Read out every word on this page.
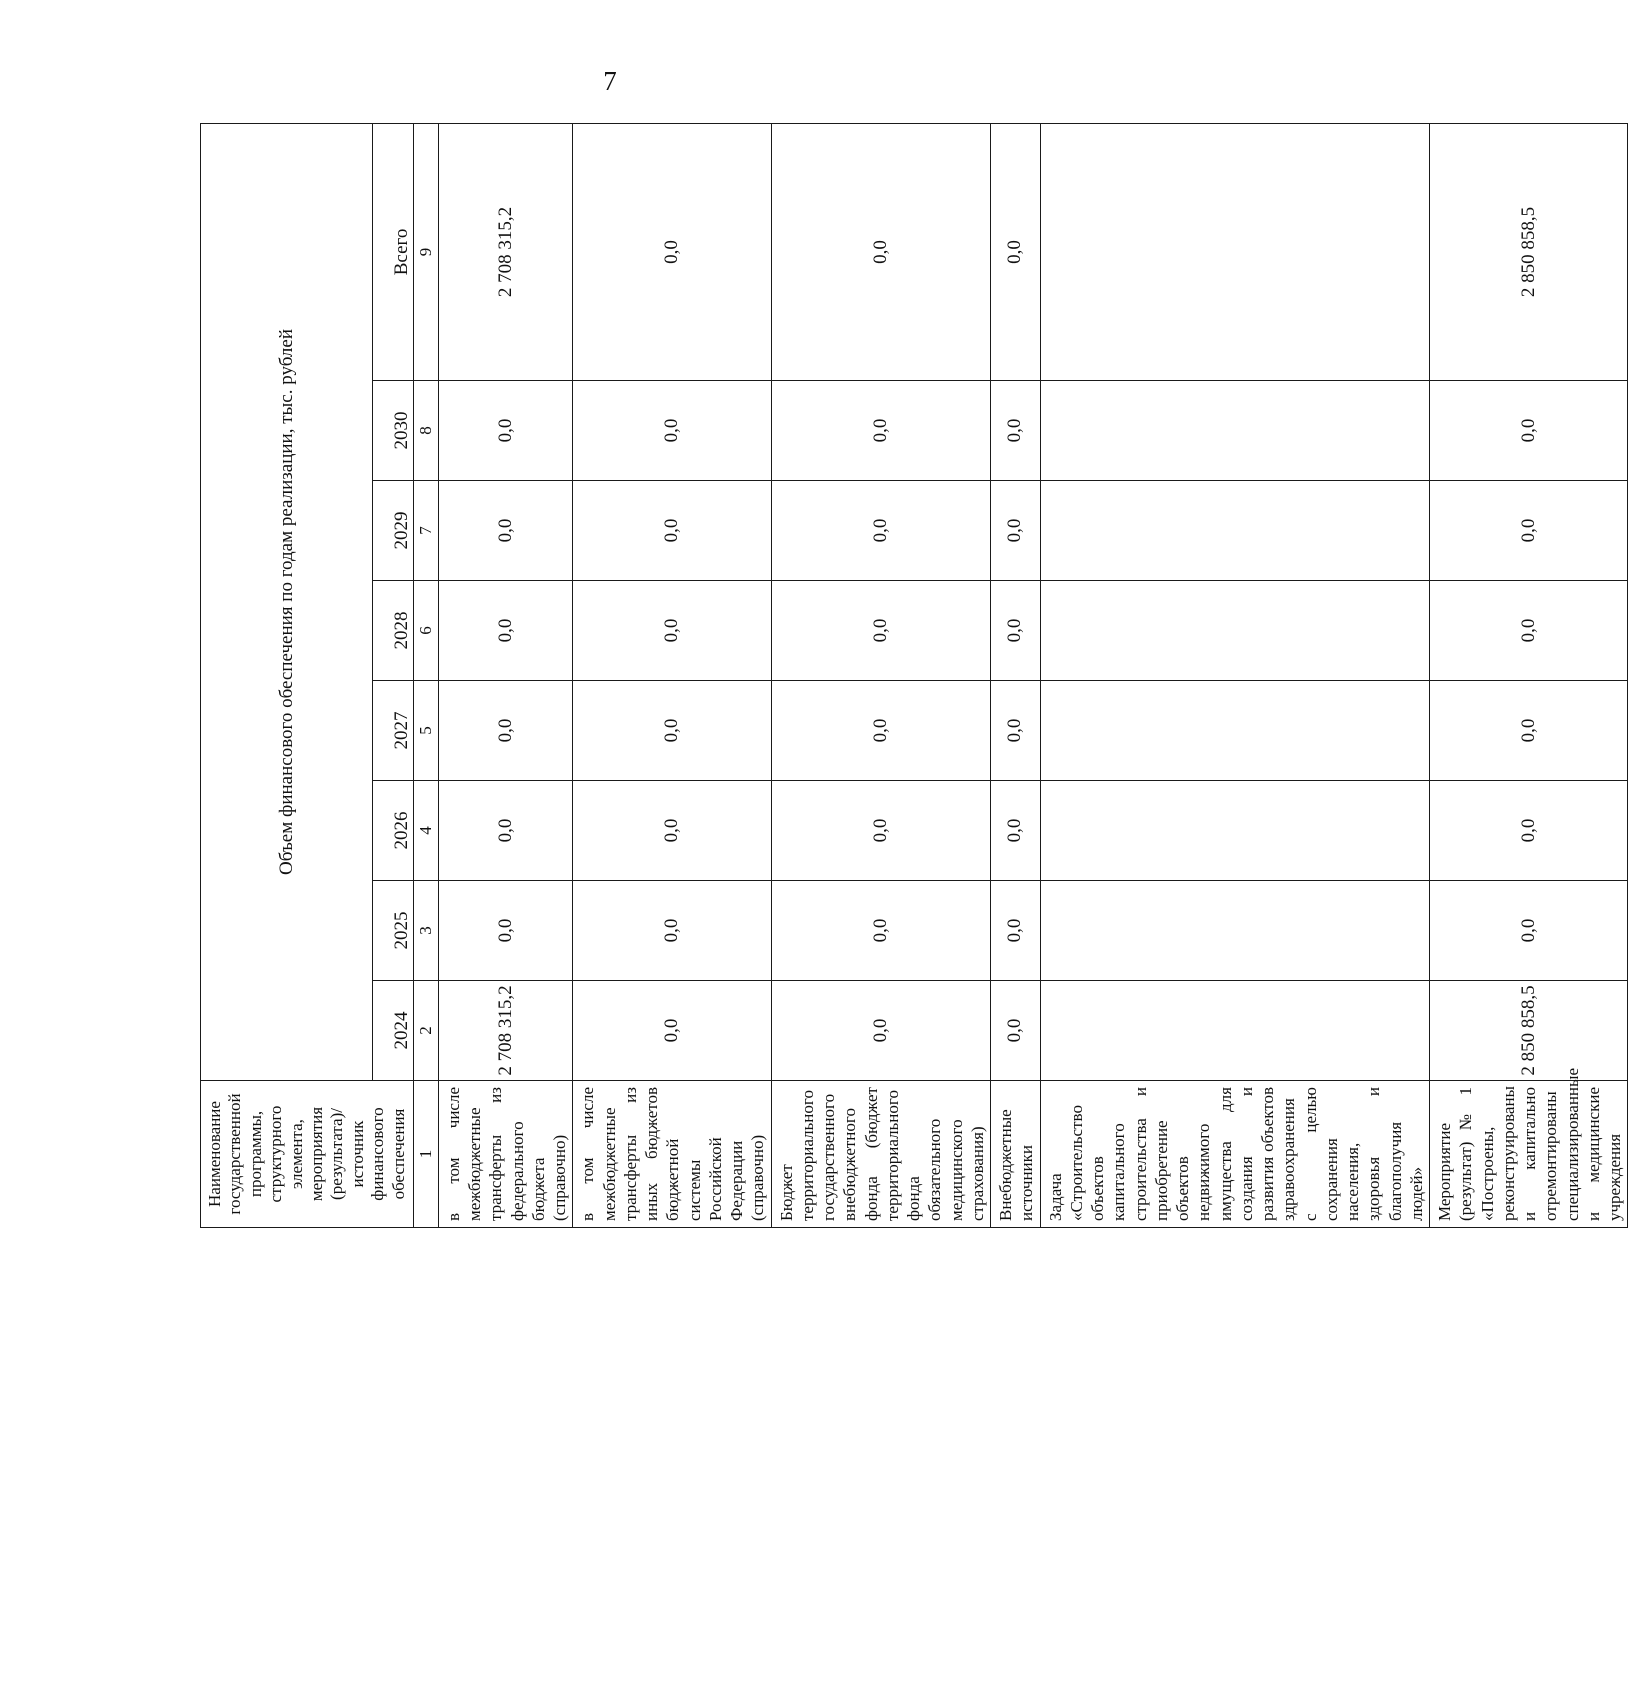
7
Наименование государственной программы, структурного элемента, мероприятия (результата)/источник финансового обеспечения	Объем финансового обеспечения по годам реализации, тыс. рублей							
	2024	2025	2026	2027	2028	2029	2030	Всего
1	2	3	4	5	6	7	8	9
в том числе межбюджетные трансферты из федерального бюджета (справочно)	2 708 315,2	0,0	0,0	0,0	0,0	0,0	0,0	2 708 315,2
в том числе межбюджетные трансферты из иных бюджетов бюджетной системы Российской Федерации (справочно)	0,0	0,0	0,0	0,0	0,0	0,0	0,0	0,0
Бюджет территориального государственного внебюджетного фонда (бюджет территориального фонда обязательного медицинского страхования)	0,0	0,0	0,0	0,0	0,0	0,0	0,0	0,0
Внебюджетные источники	0,0	0,0	0,0	0,0	0,0	0,0	0,0	0,0
Задача «Строительство объектов капитального строительства и приобретение объектов недвижимого имущества для создания и развития объектов здравоохранения с целью сохранения населения, здоровья и благополучия людей»								
Мероприятие (результат) № 1 «Построены, реконструированы и капитально отремонтированы специализированные и медицинские учреждения	2 850 858,5	0,0	0,0	0,0	0,0	0,0	0,0	2 850 858,5
